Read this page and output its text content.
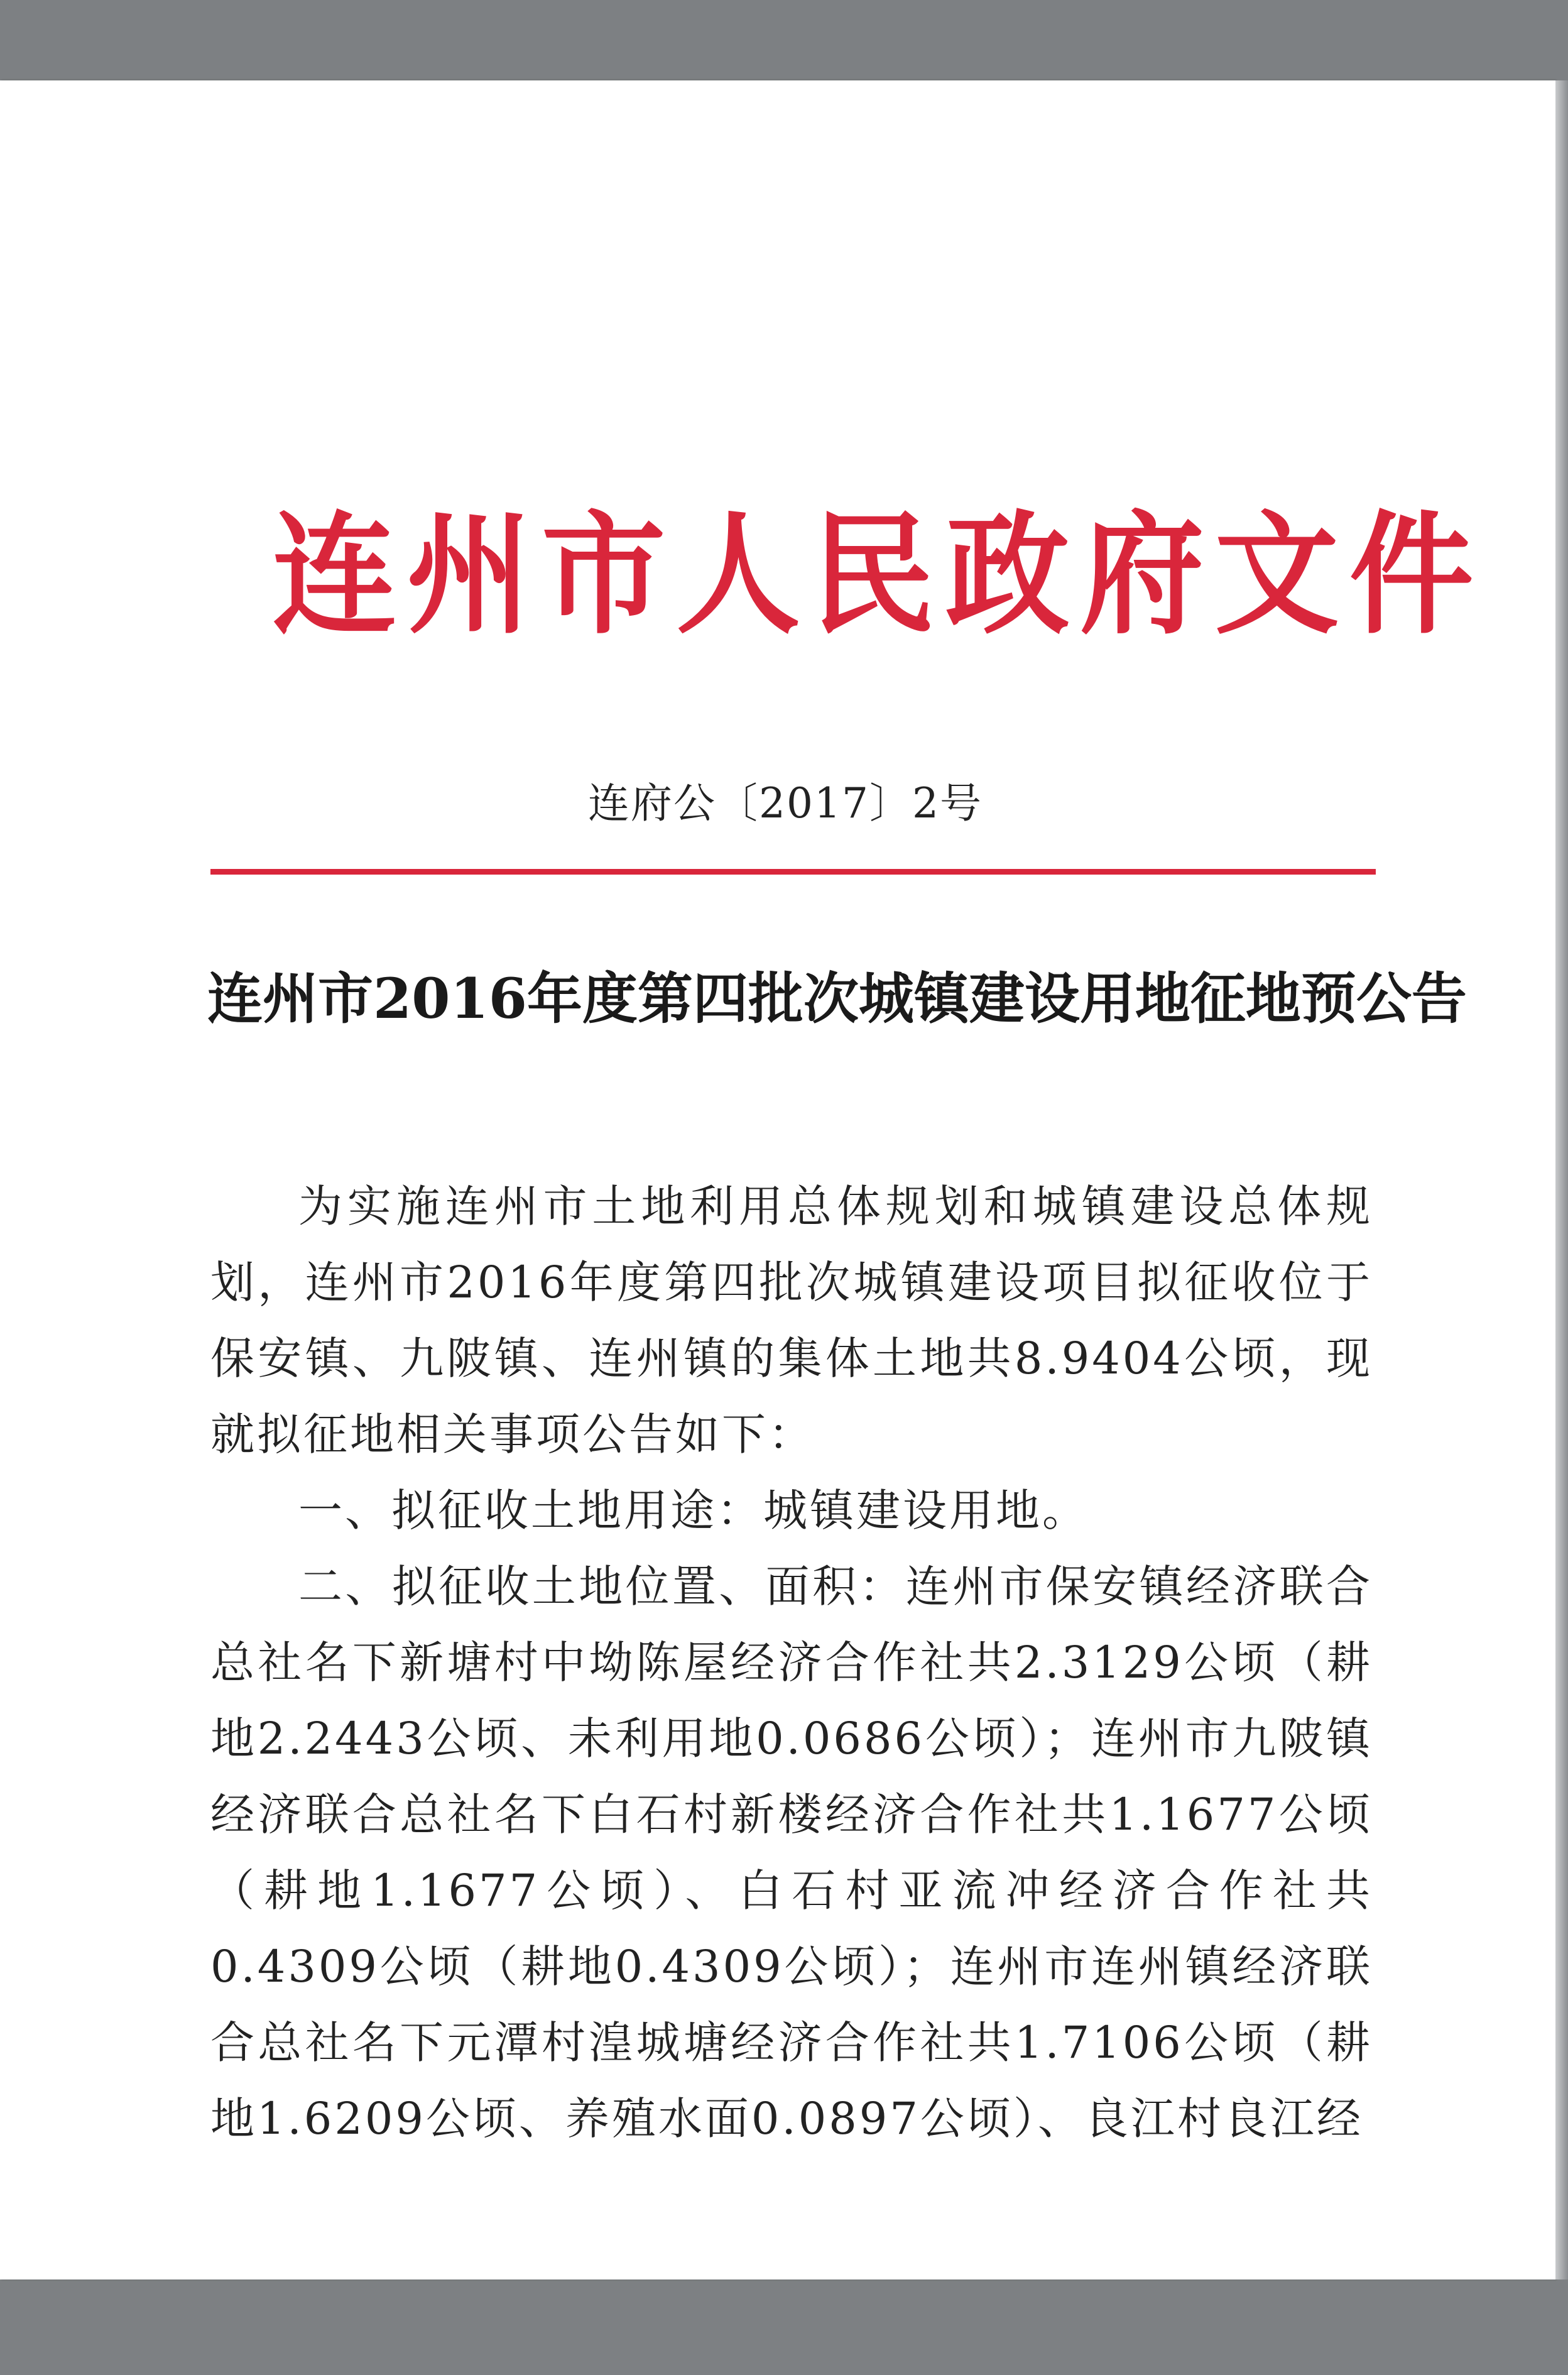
连州市人民政府文件
连府公〔2017〕2号
连州市2016年度第四批次城镇建设用地征地预公告

为实施连州市土地利用总体规划和城镇建设总体规划，连州市2016年度第四批次城镇建设项目拟征收位于保安镇、九陂镇、连州镇的集体土地共8.9404公顷，现就拟征地相关事项公告如下：

一、拟征收土地用途：城镇建设用地。

二、拟征收土地位置、面积：连州市保安镇经济联合总社名下新塘村中坳陈屋经济合作社共2.3129公顷（耕地2.2443公顷、未利用地0.0686公顷）；连州市九陂镇经济联合总社名下白石村新楼经济合作社共1.1677公顷（耕地1.1677公顷）、白石村亚流冲经济合作社共0.4309公顷（耕地0.4309公顷）；连州市连州镇经济联合总社名下元潭村湟城塘经济合作社共1.7106公顷（耕地1.6209公顷、养殖水面0.0897公顷）、良江村良江经
